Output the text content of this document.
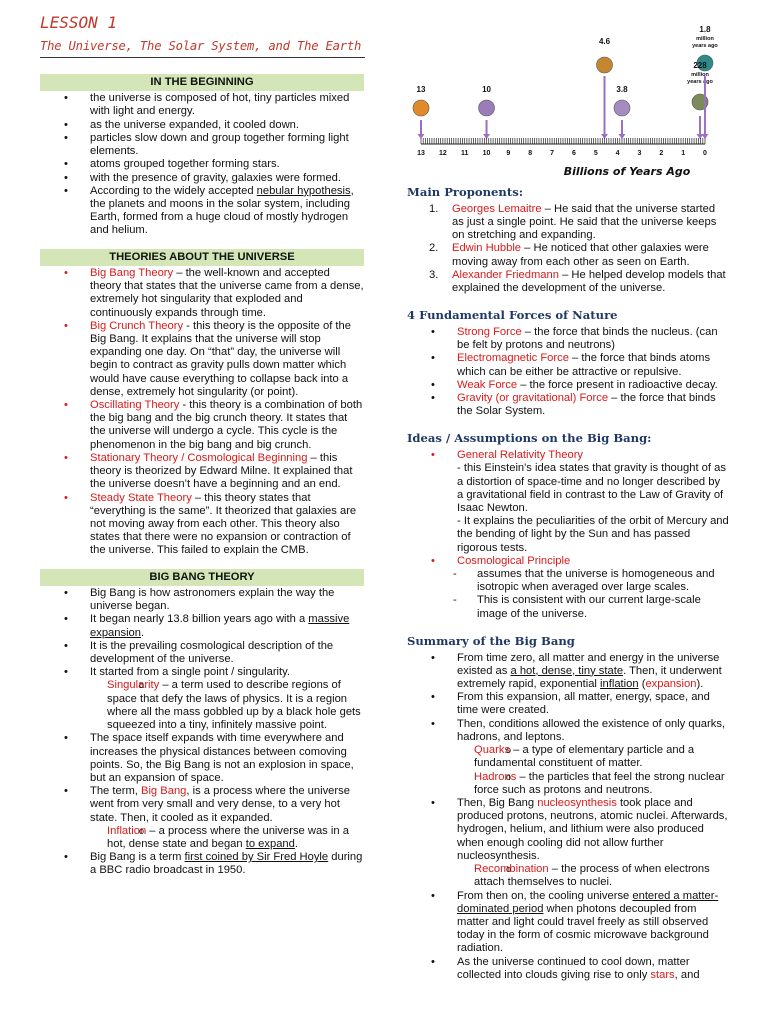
LESSON 1
The Universe, The Solar System, and The Earth
13	10
4.6
3.8
228
million
years ago
1.8
million
years ago
13 12 11 10 9	8	7	6	5	4	3	2	1	0
Billions of Years Ago
IN THE BEGINNING
• the universe is composed of hot, tiny particles mixed with light and energy.
• as the universe expanded, it cooled down.
• particles slow down and group together forming light elements.
• atoms grouped together forming stars.
• with the presence of gravity, galaxies were formed.
• According to the widely accepted nebular hypothesis, the planets and moons in the solar system, including Earth, formed from a huge cloud of mostly hydrogen and helium.
THEORIES ABOUT THE UNIVERSE
• Big Bang Theory – the well-known and accepted theory that states that the universe came from a dense, extremely hot singularity that exploded and continuously expands through time.
• Big Crunch Theory - this theory is the opposite of the Big Bang. It explains that the universe will stop expanding one day. On “that” day, the universe will begin to contract as gravity pulls down matter which would have cause everything to collapse back into a dense, extremely hot singularity (or point).
• Oscillating Theory - this theory is a combination of both the big bang and the big crunch theory. It states that the universe will undergo a cycle. This cycle is the phenomenon in the big bang and big crunch.
• Stationary Theory / Cosmological Beginning – this theory is theorized by Edward Milne. It explained that the universe doesn’t have a beginning and an end.
• Steady State Theory – this theory states that “everything is the same”. It theorized that galaxies are not moving away from each other. This theory also states that there were no expansion or contraction of the universe. This failed to explain the CMB.
BIG BANG THEORY
• Big Bang is how astronomers explain the way the universe began.
• It began nearly 13.8 billion years ago with a massive expansion.
• It is the prevailing cosmological description of the development of the universe.
• It started from a single point / singularity.
o Singularity – a term used to describe regions of space that defy the laws of physics. It is a region where all the mass gobbled up by a black hole gets squeezed into a tiny, infinitely massive point.
• The space itself expands with time everywhere and increases the physical distances between comoving points. So, the Big Bang is not an explosion in space, but an expansion of space.
• The term, Big Bang, is a process where the universe went from very small and very dense, to a very hot state. Then, it cooled as it expanded.
o Inflation – a process where the universe was in a hot, dense state and began to expand.
• Big Bang is a term first coined by Sir Fred Hoyle during a BBC radio broadcast in 1950.
Main Proponents:
1. Georges Lemaitre – He said that the universe started as just a single point. He said that the universe keeps on stretching and expanding.
2. Edwin Hubble – He noticed that other galaxies were moving away from each other as seen on Earth.
3. Alexander Friedmann – He helped develop models that explained the development of the universe.
4 Fundamental Forces of Nature
• Strong Force – the force that binds the nucleus. (can be felt by protons and neutrons)
• Electromagnetic Force – the force that binds atoms which can be either be attractive or repulsive.
• Weak Force – the force present in radioactive decay.
• Gravity (or gravitational) Force – the force that binds the Solar System.
Ideas / Assumptions on the Big Bang:
• General Relativity Theory
- this Einstein's idea states that gravity is thought of as a distortion of space-time and no longer described by a gravitational field in contrast to the Law of Gravity of Isaac Newton.
- It explains the peculiarities of the orbit of Mercury and the bending of light by the Sun and has passed rigorous tests.
• Cosmological Principle
- assumes that the universe is homogeneous and isotropic when averaged over large scales.
- This is consistent with our current large-scale image of the universe.
Summary of the Big Bang
• From time zero, all matter and energy in the universe existed as a hot, dense, tiny state. Then, it underwent extremely rapid, exponential inflation (expansion).
• From this expansion, all matter, energy, space, and time were created.
• Then, conditions allowed the existence of only quarks, hadrons, and leptons.
o Quarks – a type of elementary particle and a fundamental constituent of matter.
o Hadrons – the particles that feel the strong nuclear force such as protons and neutrons.
• Then, Big Bang nucleosynthesis took place and produced protons, neutrons, atomic nuclei. Afterwards, hydrogen, helium, and lithium were also produced when enough cooling did not allow further nucleosynthesis.
o Recombination – the process of when electrons attach themselves to nuclei.
• From then on, the cooling universe entered a matter-dominated period when photons decoupled from matter and light could travel freely as still observed today in the form of cosmic microwave background radiation.
• As the universe continued to cool down, matter collected into clouds giving rise to only stars, and
